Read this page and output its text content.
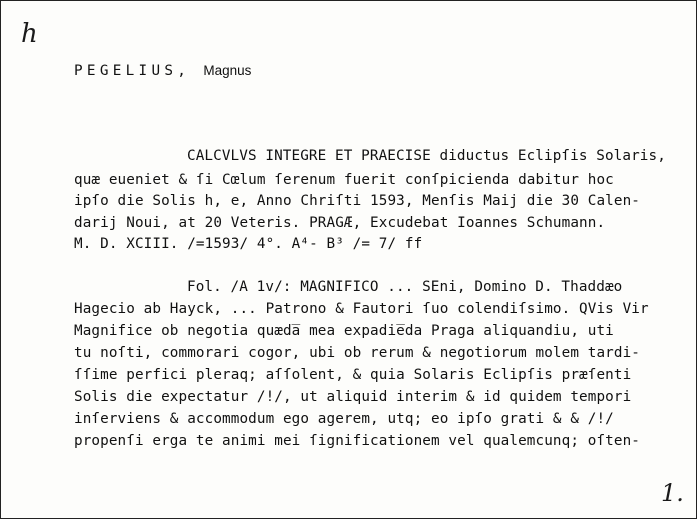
h
PEGELIUS, Magnus
CALCVLVS INTEGRE ET PRAECISE diductus Eclipſis Solaris,
quæ eueniet & ſi Cœlum ſerenum fuerit conſpicienda dabitur hoc
ipſo die Solis h, e, Anno Chriſti 1593, Menſis Maij die 30 Calen-
darij Noui, at 20 Veteris. PRAGÆ, Excudebat Ioannes Schumann.
M. D. XCIII. /=1593/ 4°. A⁴- B³ /= 7/ ff
Fol. /A 1v/: MAGNIFICO ... SEni, Domino D. Thaddæo
Hagecio ab Hayck, ... Patrono & Fautori ſuo colendiſsimo. QVis Vir
Magnifice ob negotia quæda̅ mea expadie̅da Praga aliquandiu, uti
tu noſti, commorari cogor, ubi ob rerum & negotiorum molem tardi-
ſſime perfici pleraq; aſſolent, & quia Solaris Eclipſis præſenti
Solis die expectatur /!/, ut aliquid interim & id quidem tempori
inſerviens & accommodum ego agerem, utq; eo ipſo grati & & /!/
propenſi erga te animi mei ſignificationem vel qualemcunq; oſten-
1.
